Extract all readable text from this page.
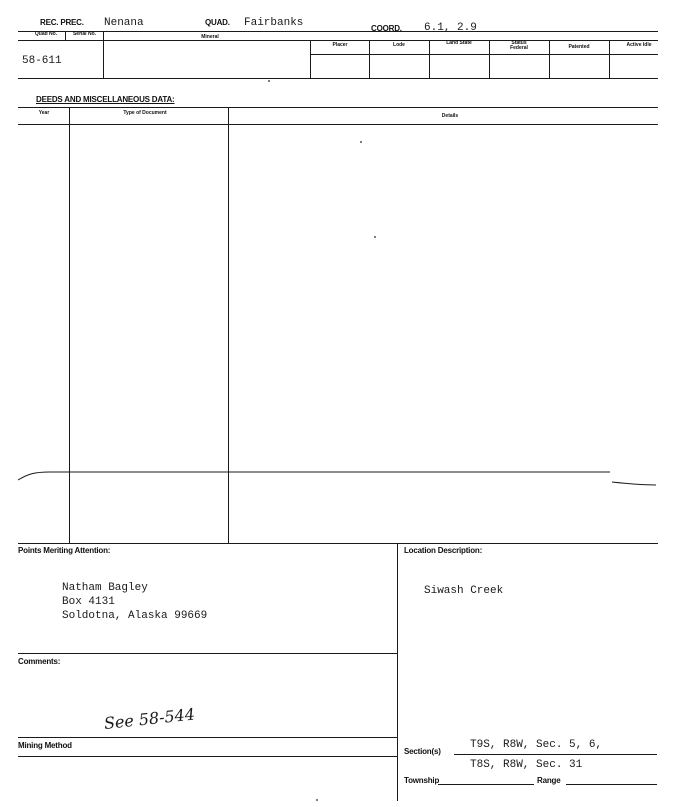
REC. PREC. Nenana	QUAD. Fairbanks	COORD. 6.1, 2.9
Quad No.	Serial No.	Mineral
Placer	Lode	Land State	Status Federal	Patented	Active Idle
58-611
DEEDS AND MISCELLANEOUS DATA:
Year	Type of Document	Details
Points Meriting Attention:
Natham Bagley
Box 4131
Soldotna, Alaska 99669
Location Description:
Siwash Creek
Comments:
See 58-544
Mining Method
Section(s)
T9S, R8W, Sec. 5, 6,
T8S, R8W, Sec. 31
Township	Range
